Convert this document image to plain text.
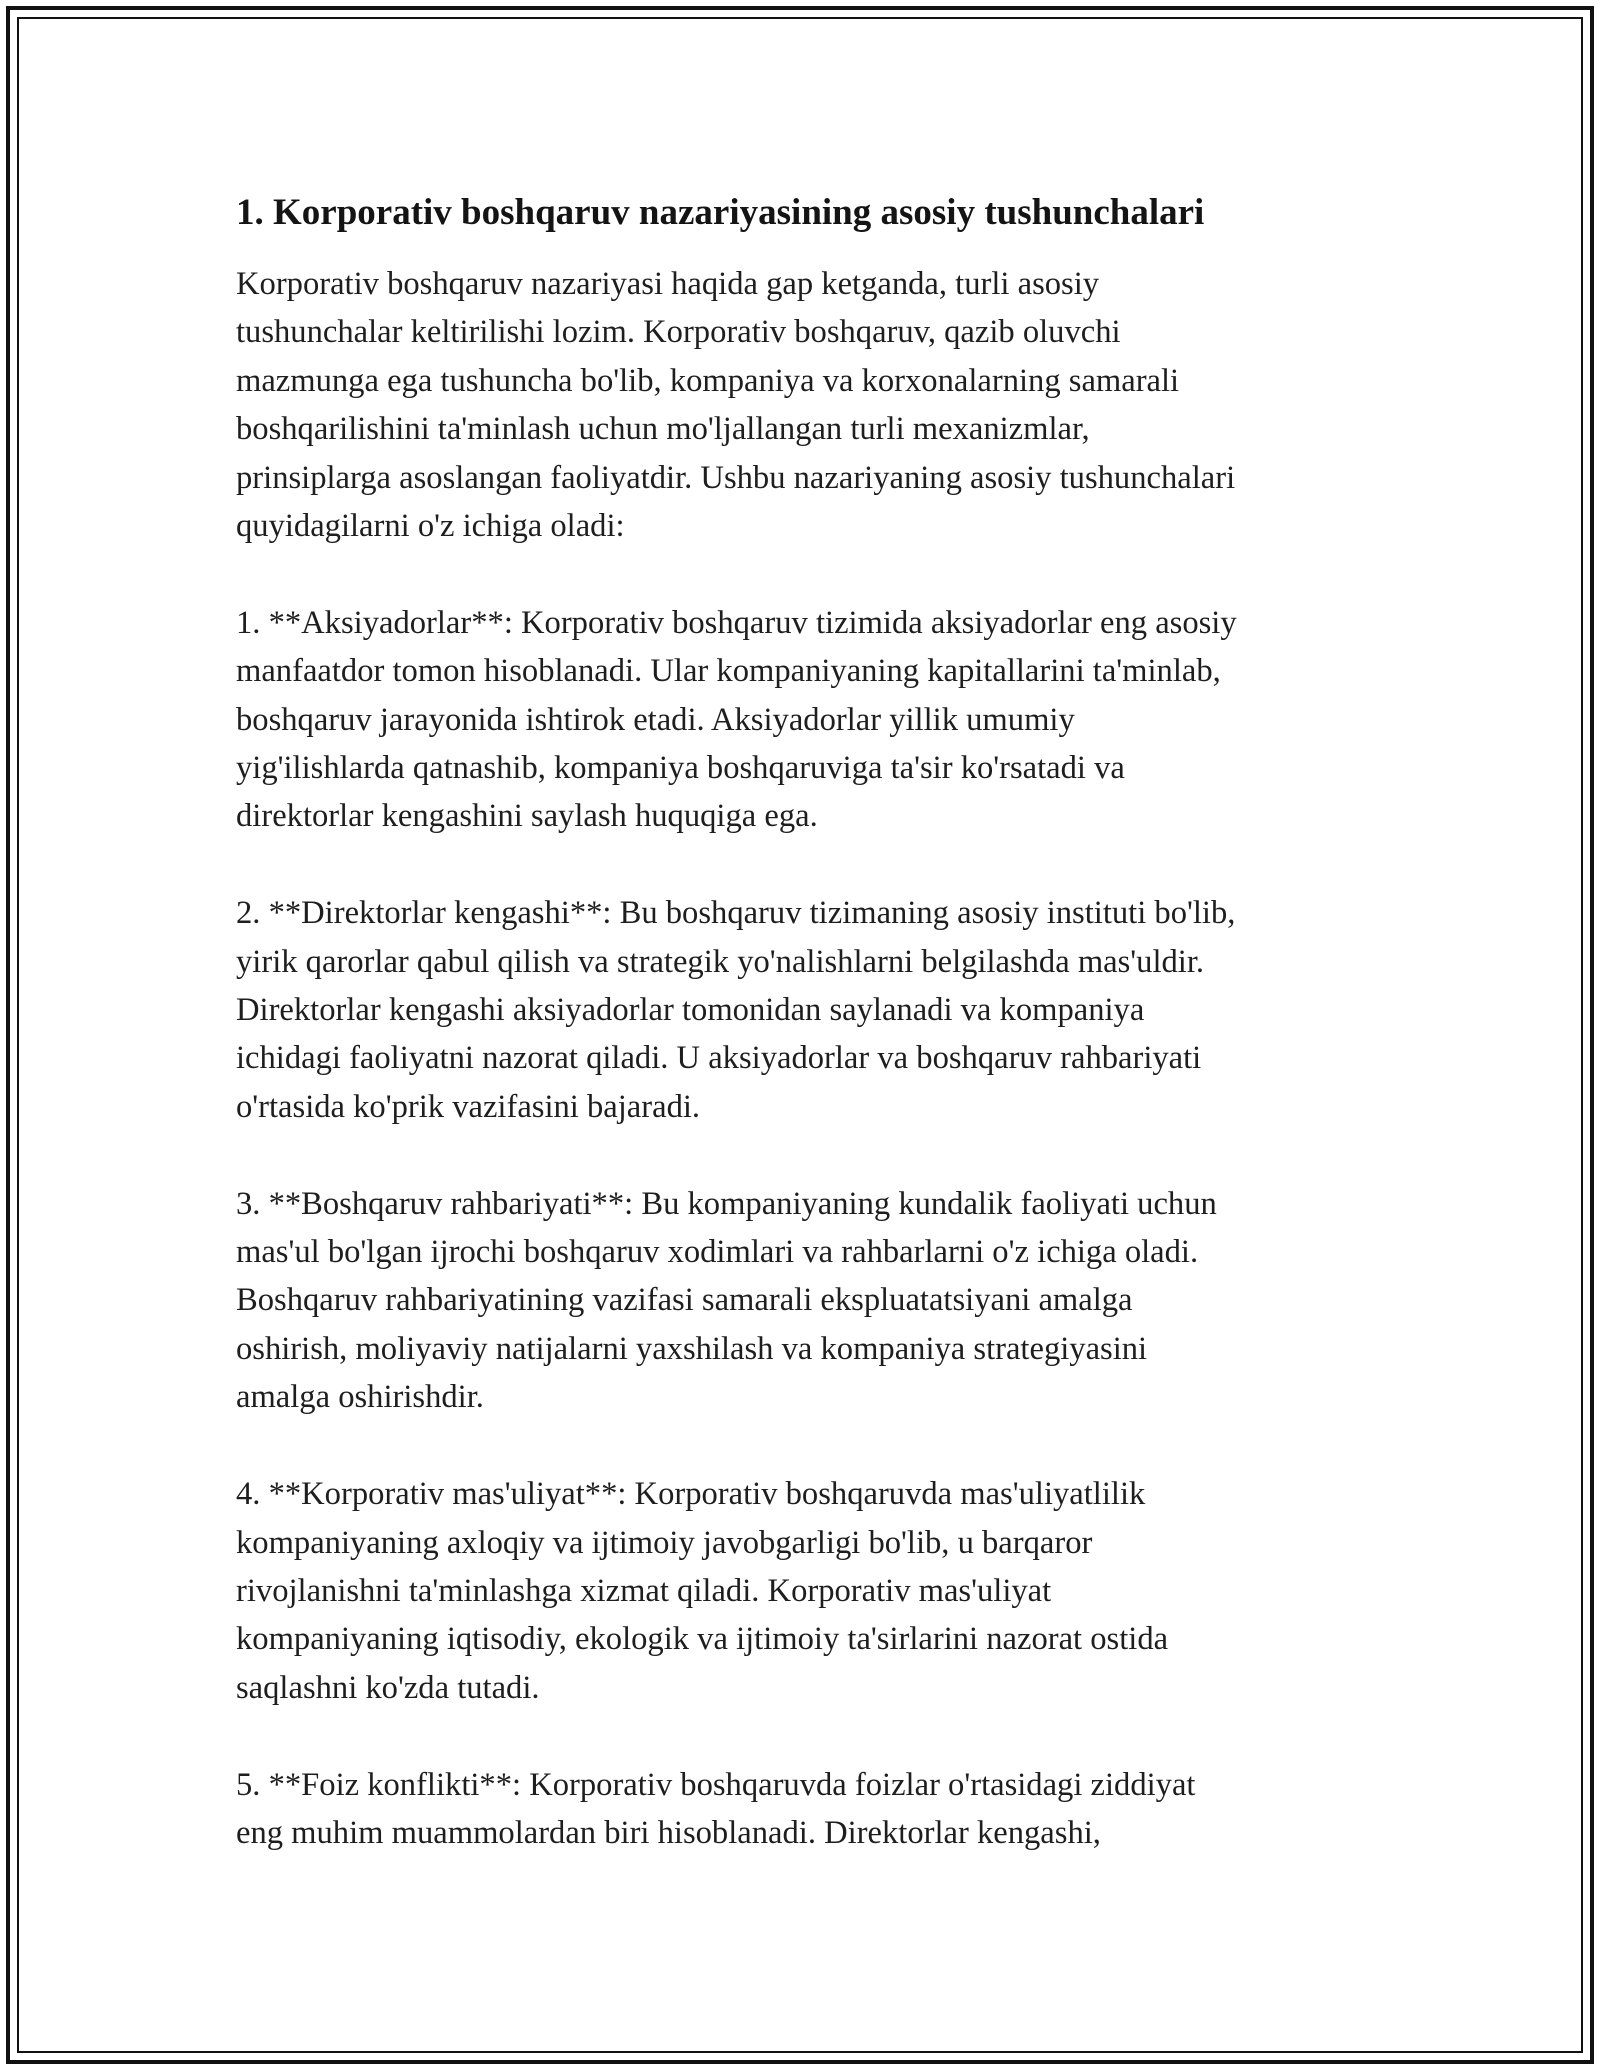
1. Korporativ boshqaruv nazariyasining asosiy tushunchalari

Korporativ boshqaruv nazariyasi haqida gap ketganda, turli asosiy
tushunchalar keltirilishi lozim. Korporativ boshqaruv, qazib oluvchi
mazmunga ega tushuncha bo'lib, kompaniya va korxonalarning samarali
boshqarilishini ta'minlash uchun mo'ljallangan turli mexanizmlar,
prinsiplarga asoslangan faoliyatdir. Ushbu nazariyaning asosiy tushunchalari
quyidagilarni o'z ichiga oladi:

1. **Aksiyadorlar**: Korporativ boshqaruv tizimida aksiyadorlar eng asosiy
manfaatdor tomon hisoblanadi. Ular kompaniyaning kapitallarini ta'minlab,
boshqaruv jarayonida ishtirok etadi. Aksiyadorlar yillik umumiy
yig'ilishlarda qatnashib, kompaniya boshqaruviga ta'sir ko'rsatadi va
direktorlar kengashini saylash huquqiga ega.

2. **Direktorlar kengashi**: Bu boshqaruv tizimaning asosiy instituti bo'lib,
yirik qarorlar qabul qilish va strategik yo'nalishlarni belgilashda mas'uldir.
Direktorlar kengashi aksiyadorlar tomonidan saylanadi va kompaniya
ichidagi faoliyatni nazorat qiladi. U aksiyadorlar va boshqaruv rahbariyati
o'rtasida ko'prik vazifasini bajaradi.

3. **Boshqaruv rahbariyati**: Bu kompaniyaning kundalik faoliyati uchun
mas'ul bo'lgan ijrochi boshqaruv xodimlari va rahbarlarni o'z ichiga oladi.
Boshqaruv rahbariyatining vazifasi samarali ekspluatatsiyani amalga
oshirish, moliyaviy natijalarni yaxshilash va kompaniya strategiyasini
amalga oshirishdir.

4. **Korporativ mas'uliyat**: Korporativ boshqaruvda mas'uliyatlilik
kompaniyaning axloqiy va ijtimoiy javobgarligi bo'lib, u barqaror
rivojlanishni ta'minlashga xizmat qiladi. Korporativ mas'uliyat
kompaniyaning iqtisodiy, ekologik va ijtimoiy ta'sirlarini nazorat ostida
saqlashni ko'zda tutadi.

5. **Foiz konflikti**: Korporativ boshqaruvda foizlar o'rtasidagi ziddiyat
eng muhim muammolardan biri hisoblanadi. Direktorlar kengashi,
